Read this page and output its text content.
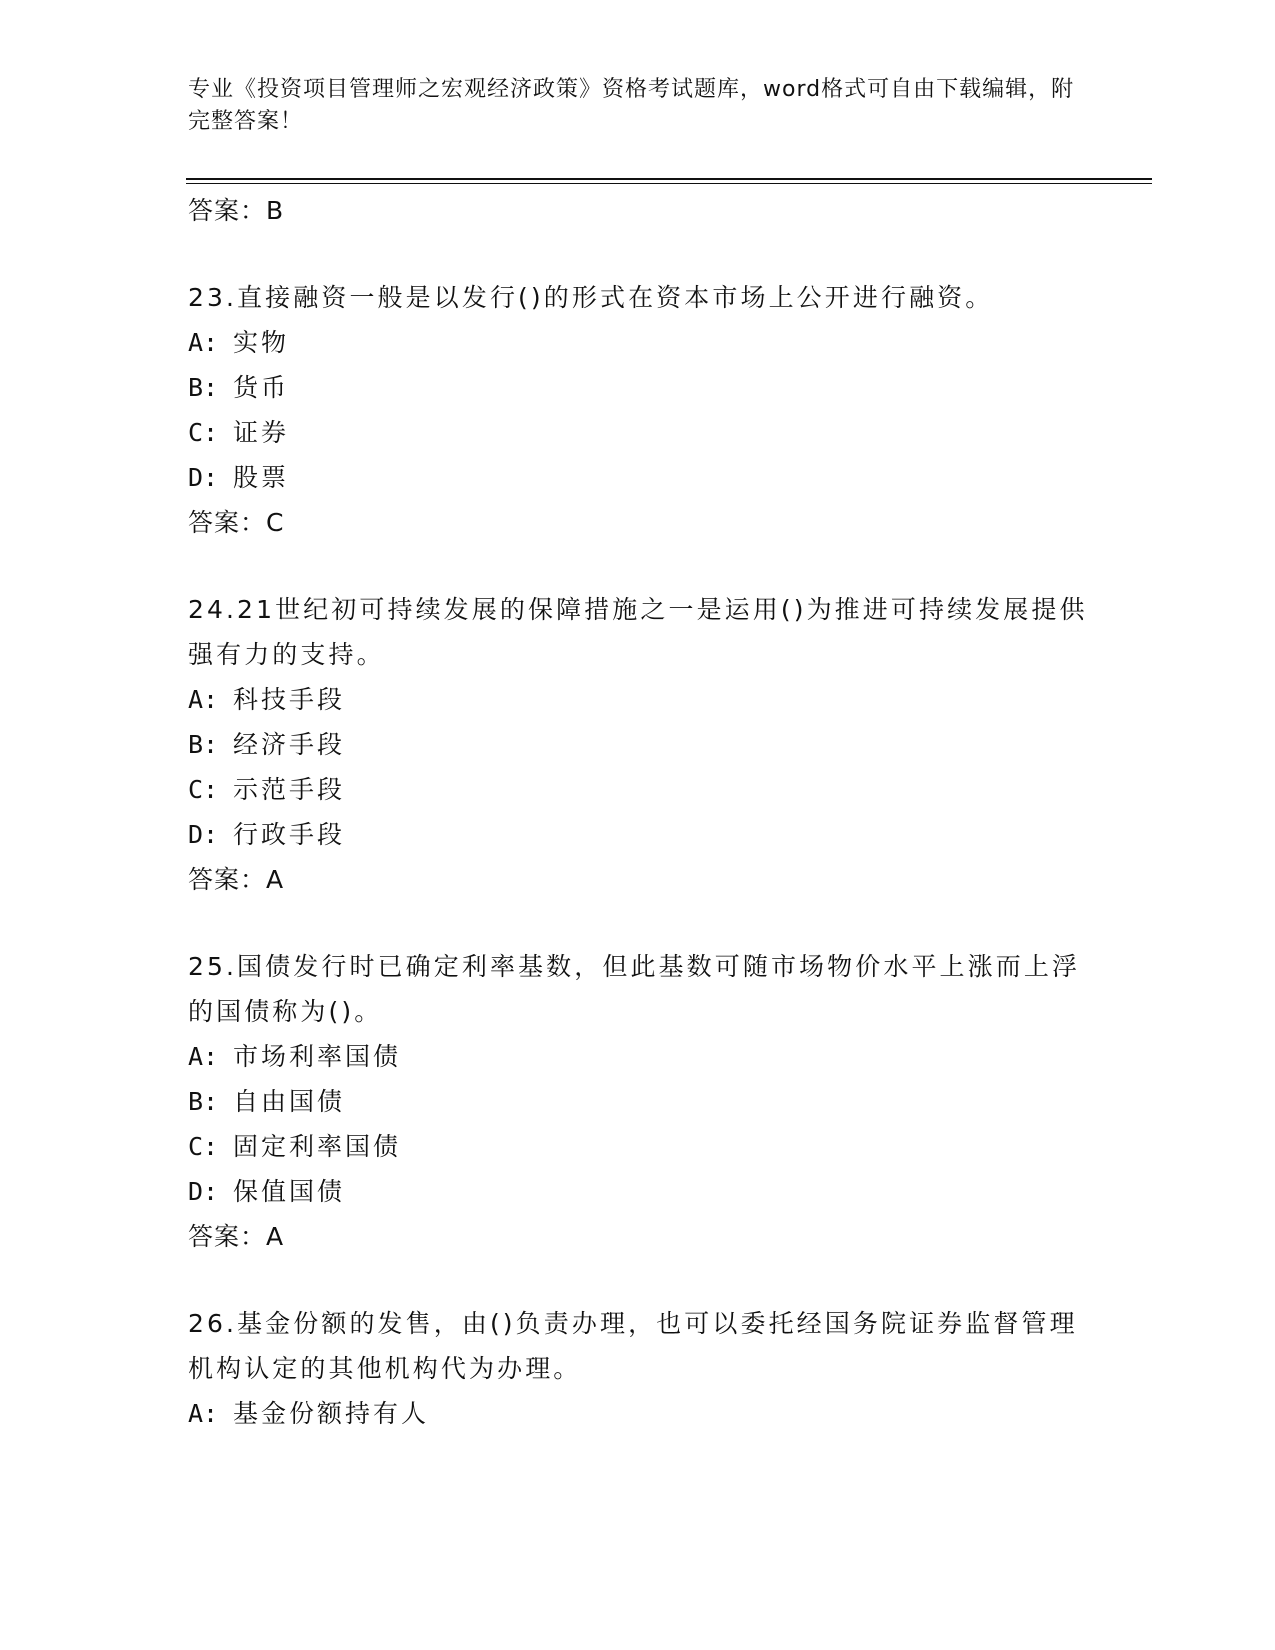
专业《投资项目管理师之宏观经济政策》资格考试题库，word格式可自由下载编辑，附完整答案！
答案：B

23.直接融资一般是以发行()的形式在资本市场上公开进行融资。

A: 实物
B: 货币
C: 证券
D: 股票
答案：C

24.21世纪初可持续发展的保障措施之一是运用()为推进可持续发展提供强有力的支持。

A: 科技手段
B: 经济手段
C: 示范手段
D: 行政手段
答案：A

25.国债发行时已确定利率基数，但此基数可随市场物价水平上涨而上浮的国债称为()。

A: 市场利率国债
B: 自由国债
C: 固定利率国债
D: 保值国债
答案：A

26.基金份额的发售，由()负责办理，也可以委托经国务院证券监督管理机构认定的其他机构代为办理。

A: 基金份额持有人
